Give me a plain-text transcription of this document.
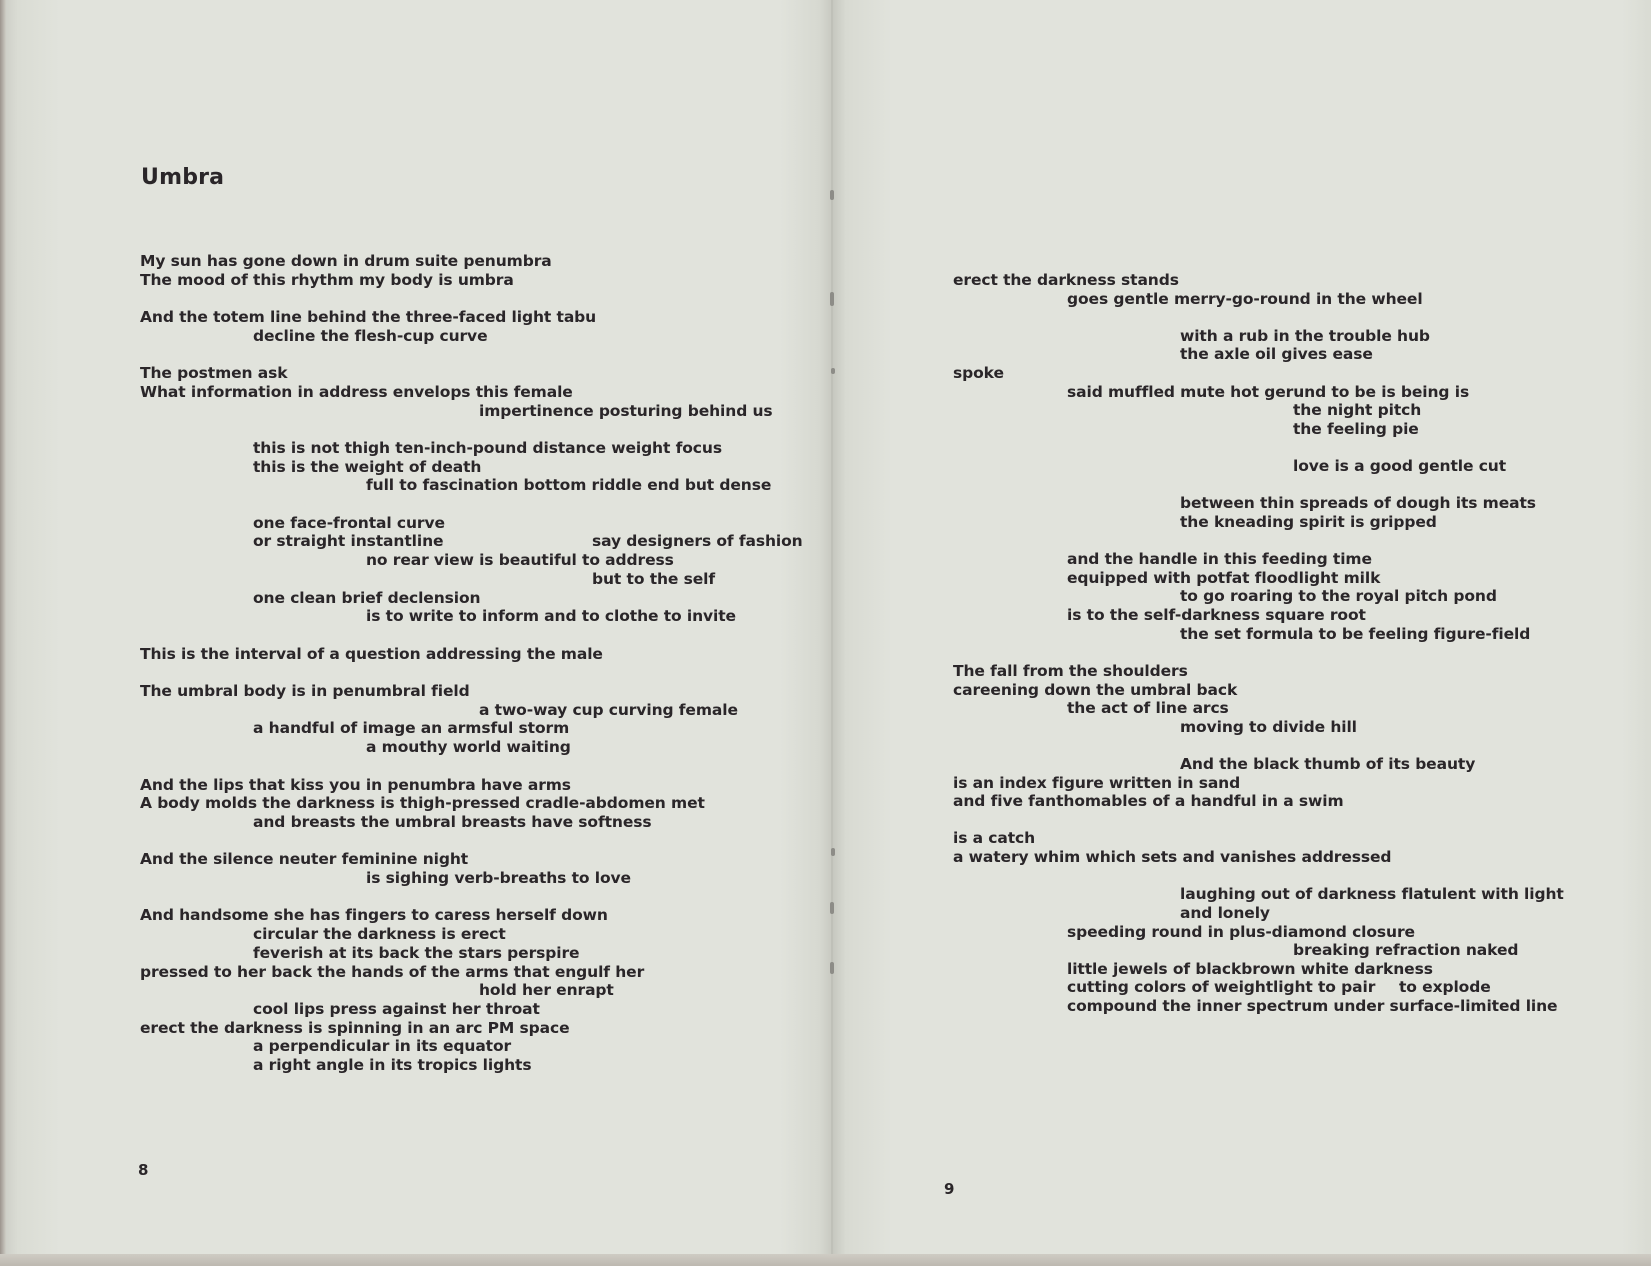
Umbra
My sun has gone down in drum suite penumbra
The mood of this rhythm my body is umbra
And the totem line behind the three-faced light tabu
decline the flesh-cup curve
The postmen ask
What information in address envelops this female
impertinence posturing behind us
this is not thigh ten-inch-pound distance weight focus
this is the weight of death
full to fascination bottom riddle end but dense
one face-frontal curve
or straight instantline	say designers of fashion
no rear view is beautiful to address
but to the self
one clean brief declension
is to write to inform and to clothe to invite
This is the interval of a question addressing the male
The umbral body is in penumbral field
a two-way cup curving female
a handful of image an armsful storm
a mouthy world waiting
And the lips that kiss you in penumbra have arms
A body molds the darkness is thigh-pressed cradle-abdomen met
and breasts the umbral breasts have softness
And the silence neuter feminine night
is sighing verb-breaths to love
And handsome she has fingers to caress herself down
circular the darkness is erect
feverish at its back the stars perspire
pressed to her back the hands of the arms that engulf her
hold her enrapt
cool lips press against her throat
erect the darkness is spinning in an arc PM space
a perpendicular in its equator
a right angle in its tropics lights
8
erect the darkness stands
goes gentle merry-go-round in the wheel
with a rub in the trouble hub
the axle oil gives ease
spoke
said muffled mute hot gerund to be is being is
the night pitch
the feeling pie
love is a good gentle cut
between thin spreads of dough its meats
the kneading spirit is gripped
and the handle in this feeding time
equipped with potfat floodlight milk
to go roaring to the royal pitch pond
is to the self-darkness square root
the set formula to be feeling figure-field
The fall from the shoulders
careening down the umbral back
the act of line arcs
moving to divide hill
And the black thumb of its beauty
is an index figure written in sand
and five fanthomables of a handful in a swim
is a catch
a watery whim which sets and vanishes addressed
laughing out of darkness flatulent with light
and lonely
speeding round in plus-diamond closure
breaking refraction naked
little jewels of blackbrown white darkness
cutting colors of weightlight to pair to explode
compound the inner spectrum under surface-limited line
9
